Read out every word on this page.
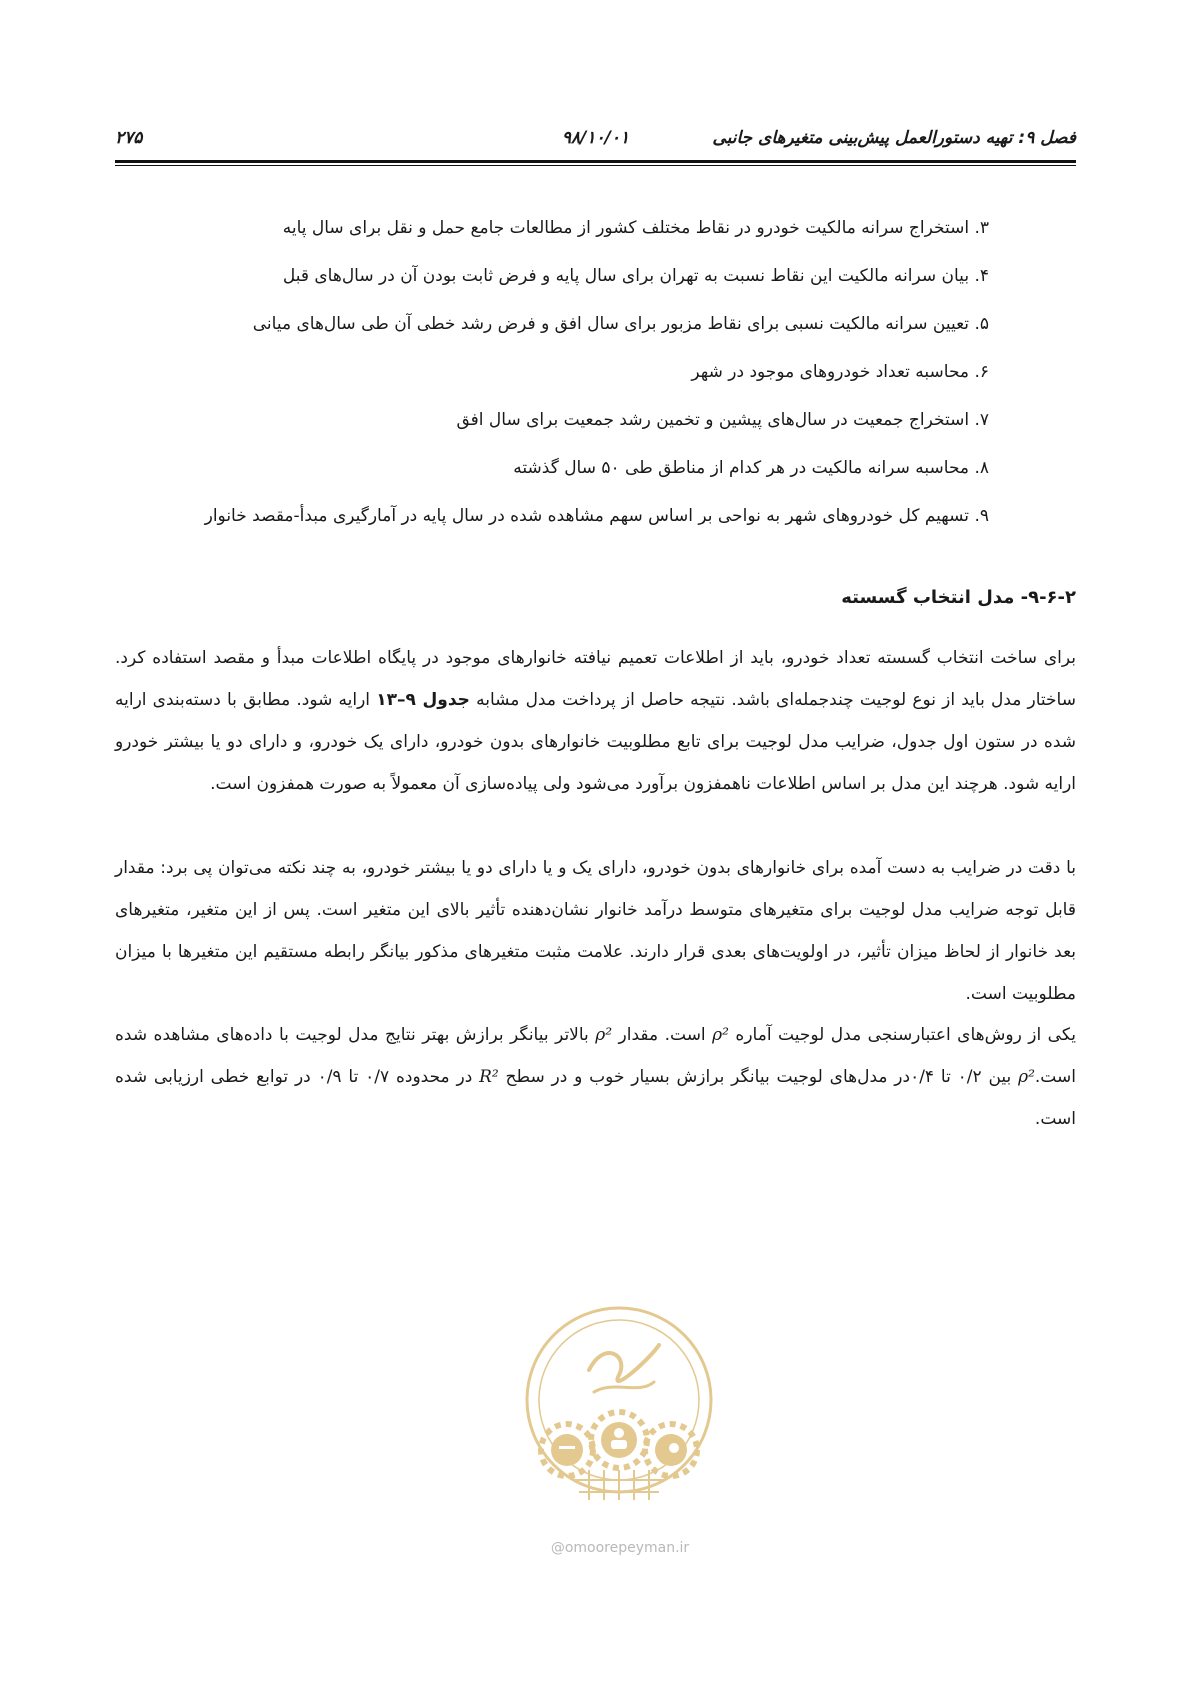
فصل ۹: تهیه دستورالعمل پیش‌بینی متغیرهای جانبی
۹۸/۱۰/۰۱
۲۷۵
۳. استخراج سرانه مالکیت خودرو در نقاط مختلف کشور از مطالعات جامع حمل و نقل برای سال پایه
۴. بیان سرانه مالکیت این نقاط نسبت به تهران برای سال پایه و فرض ثابت بودن آن در سال‌های قبل
۵. تعیین سرانه مالکیت نسبی برای نقاط مزبور برای سال افق و فرض رشد خطی آن طی سال‌های میانی
۶. محاسبه تعداد خودروهای موجود در شهر
۷. استخراج جمعیت در سال‌های پیشین و تخمین رشد جمعیت برای سال افق
۸. محاسبه سرانه مالکیت در هر کدام از مناطق طی ۵۰ سال گذشته
۹. تسهیم کل خودروهای شهر به نواحی بر اساس سهم مشاهده شده در سال پایه در آمارگیری مبدأ-مقصد خانوار
۹-۶-۲- مدل انتخاب گسسته

برای ساخت انتخاب گسسته تعداد خودرو، باید از اطلاعات تعمیم نیافته خانوارهای موجود در پایگاه اطلاعات مبدأ و مقصد استفاده کرد. ساختار مدل باید از نوع لوجیت چندجمله‌ای باشد. نتیجه حاصل از پرداخت مدل مشابه جدول ۹–۱۳ ارایه شود. مطابق با دسته‌بندی ارایه شده در ستون اول جدول، ضرایب مدل لوجیت برای تابع مطلوبیت خانوارهای بدون خودرو، دارای یک خودرو، و دارای دو یا بیشتر خودرو ارایه شود. هرچند این مدل بر اساس اطلاعات ناهمفزون برآورد می‌شود ولی پیاده‌سازی آن معمولاً به صورت همفزون است.

با دقت در ضرایب به دست آمده برای خانوارهای بدون خودرو، دارای یک و یا دارای دو یا بیشتر خودرو، به چند نکته می‌توان پی برد: مقدار قابل توجه ضرایب مدل لوجیت برای متغیرهای متوسط درآمد خانوار نشان‌دهنده تأثیر بالای این متغیر است. پس از این متغیر، متغیرهای بعد خانوار از لحاظ میزان تأثیر، در اولویت‌های بعدی قرار دارند. علامت مثبت متغیرهای مذکور بیانگر رابطه مستقیم این متغیرها با میزان مطلوبیت است.

یکی از روش‌های اعتبارسنجی مدل لوجیت آماره ρ² است. مقدار ρ² بالاتر بیانگر برازش بهتر نتایج مدل لوجیت با داده‌های مشاهده شده است.ρ² بین ۰/۲ تا ۰/۴در مدل‌های لوجیت بیانگر برازش بسیار خوب و در سطح R² در محدوده ۰/۷ تا ۰/۹ در توابع خطی ارزیابی شده است.

@omoorepeyman.ir
